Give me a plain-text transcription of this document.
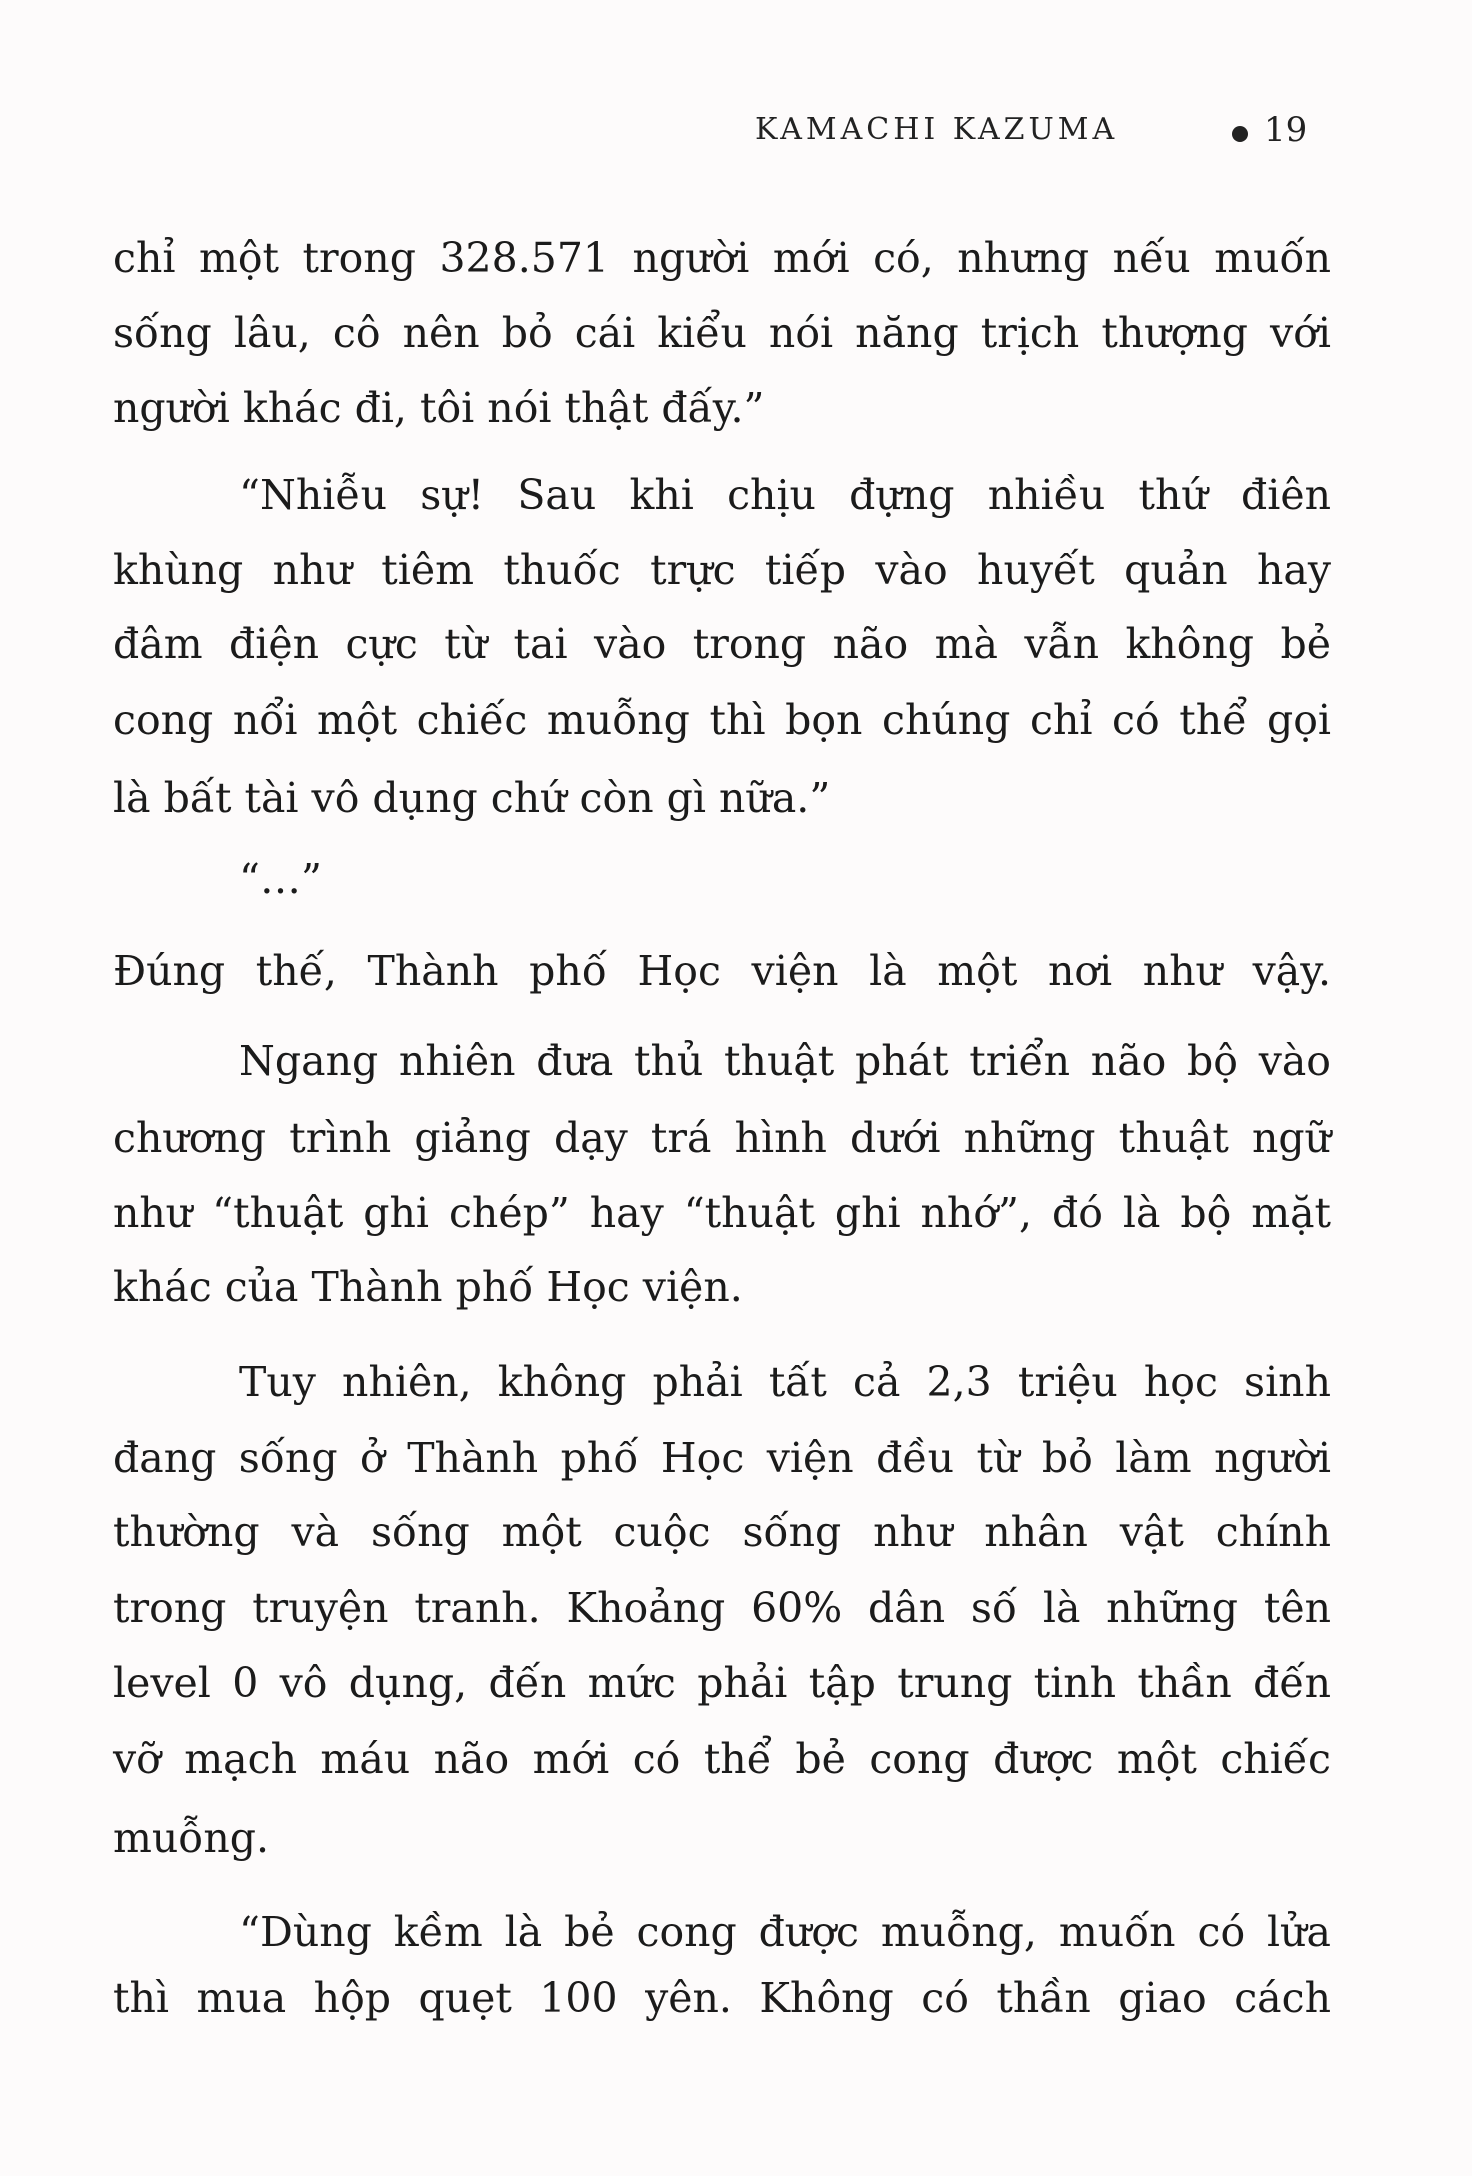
KAMACHI KAZUMA	19
chỉ một trong 328.571 người mới có, nhưng nếu muốn
sống lâu, cô nên bỏ cái kiểu nói năng trịch thượng với
người khác đi, tôi nói thật đấy.”
“Nhiễu sự! Sau khi chịu đựng nhiều thứ điên
khùng như tiêm thuốc trực tiếp vào huyết quản hay
đâm điện cực từ tai vào trong não mà vẫn không bẻ
cong nổi một chiếc muỗng thì bọn chúng chỉ có thể gọi
là bất tài vô dụng chứ còn gì nữa.”
“…”
Đúng thế, Thành phố Học viện là một nơi như vậy.
Ngang nhiên đưa thủ thuật phát triển não bộ vào
chương trình giảng dạy trá hình dưới những thuật ngữ
như “thuật ghi chép” hay “thuật ghi nhớ”, đó là bộ mặt
khác của Thành phố Học viện.
Tuy nhiên, không phải tất cả 2,3 triệu học sinh
đang sống ở Thành phố Học viện đều từ bỏ làm người
thường và sống một cuộc sống như nhân vật chính
trong truyện tranh. Khoảng 60% dân số là những tên
level 0 vô dụng, đến mức phải tập trung tinh thần đến
vỡ mạch máu não mới có thể bẻ cong được một chiếc
muỗng.
“Dùng kềm là bẻ cong được muỗng, muốn có lửa
thì mua hộp quẹt 100 yên. Không có thần giao cách
